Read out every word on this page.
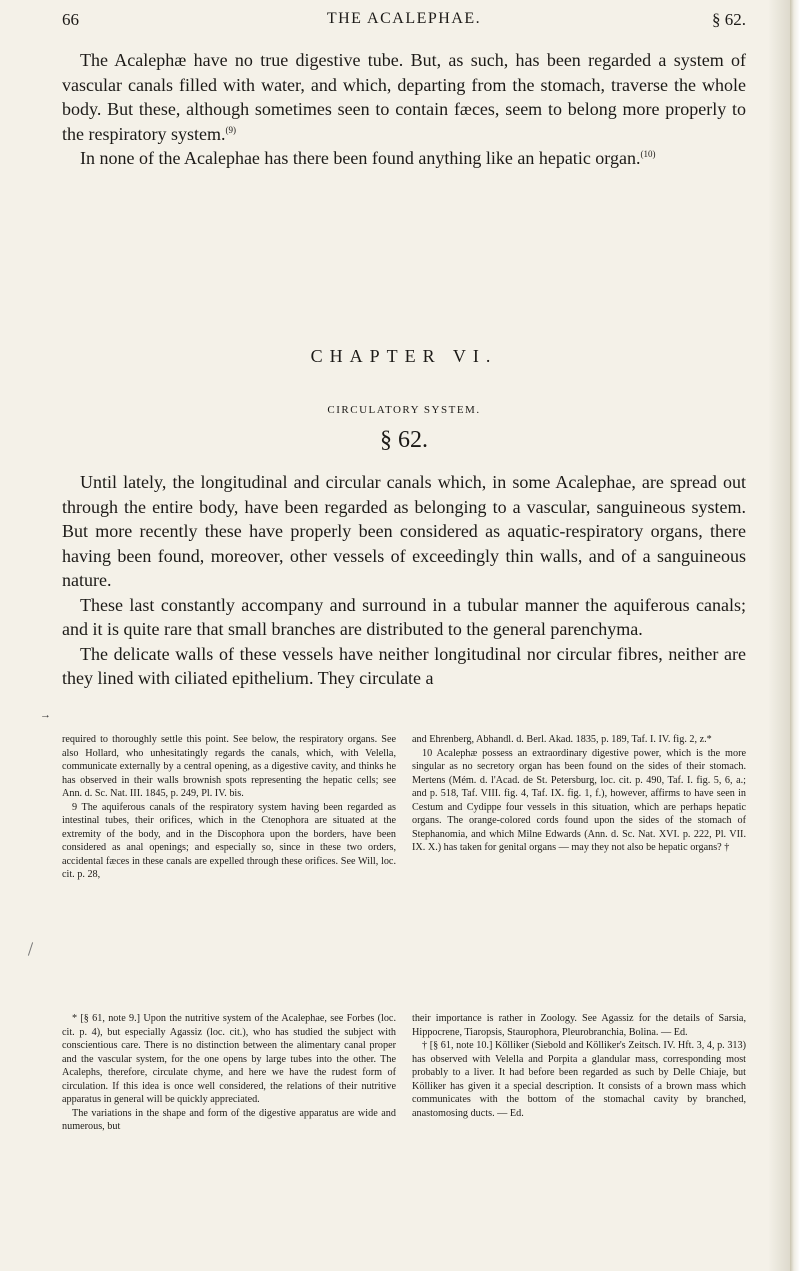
66	THE ACALEPHAE.	§ 62.

The Acalephæ have no true digestive tube. But, as such, has been regarded a system of vascular canals filled with water, and which, departing from the stomach, traverse the whole body. But these, although sometimes seen to contain fæces, seem to belong more properly to the respiratory system.$^{(9)}$

In none of the Acalephae has there been found anything like an hepatic organ.$^{(10)}$

CHAPTER VI.
CIRCULATORY SYSTEM.
§ 62.

Until lately, the longitudinal and circular canals which, in some Acalephae, are spread out through the entire body, have been regarded as belonging to a vascular, sanguineous system. But more recently these have properly been considered as aquatic-respiratory organs, there having been found, moreover, other vessels of exceedingly thin walls, and of a sanguineous nature.

These last constantly accompany and surround in a tubular manner the aquiferous canals; and it is quite rare that small branches are distributed to the general parenchyma.

The delicate walls of these vessels have neither longitudinal nor circular fibres, neither are they lined with ciliated epithelium. They circulate a

→

required to thoroughly settle this point. See below, the respiratory organs. See also Hollard, who unhesitatingly regards the canals, which, with Velella, communicate externally by a central opening, as a digestive cavity, and thinks he has observed in their walls brownish spots representing the hepatic cells; see Ann. d. Sc. Nat. III. 1845, p. 249, Pl. IV. bis.

9 The aquiferous canals of the respiratory system having been regarded as intestinal tubes, their orifices, which in the Ctenophora are situated at the extremity of the body, and in the Discophora upon the borders, have been considered as anal openings; and especially so, since in these two orders, accidental fæces in these canals are expelled through these orifices. See Will, loc. cit. p. 28,

and Ehrenberg, Abhandl. d. Berl. Akad. 1835, p. 189, Taf. I. IV. fig. 2, z.*

10 Acalephæ possess an extraordinary digestive power, which is the more singular as no secretory organ has been found on the sides of their stomach. Mertens (Mém. d. l'Acad. de St. Petersburg, loc. cit. p. 490, Taf. I. fig. 5, 6, a.; and p. 518, Taf. VIII. fig. 4, Taf. IX. fig. 1, f.), however, affirms to have seen in Cestum and Cydippe four vessels in this situation, which are perhaps hepatic organs. The orange-colored cords found upon the sides of the stomach of Stephanomia, and which Milne Edwards (Ann. d. Sc. Nat. XVI. p. 222, Pl. VII. IX. X.) has taken for genital organs — may they not also be hepatic organs? †

* [§ 61, note 9.] Upon the nutritive system of the Acalephae, see Forbes (loc. cit. p. 4), but especially Agassiz (loc. cit.), who has studied the subject with conscientious care. There is no distinction between the alimentary canal proper and the vascular system, for the one opens by large tubes into the other. The Acalephs, therefore, circulate chyme, and here we have the rudest form of circulation. If this idea is once well considered, the relations of their nutritive apparatus in general will be quickly appreciated.

The variations in the shape and form of the digestive apparatus are wide and numerous, but

their importance is rather in Zoology. See Agassiz for the details of Sarsia, Hippocrene, Tiaropsis, Staurophora, Pleurobranchia, Bolina. — Ed.

† [§ 61, note 10.] Kölliker (Siebold and Kölliker's Zeitsch. IV. Hft. 3, 4, p. 313) has observed with Velella and Porpita a glandular mass, corresponding most probably to a liver. It had before been regarded as such by Delle Chiaje, but Kölliker has given it a special description. It consists of a brown mass which communicates with the bottom of the stomachal cavity by branched, anastomosing ducts. — Ed.
